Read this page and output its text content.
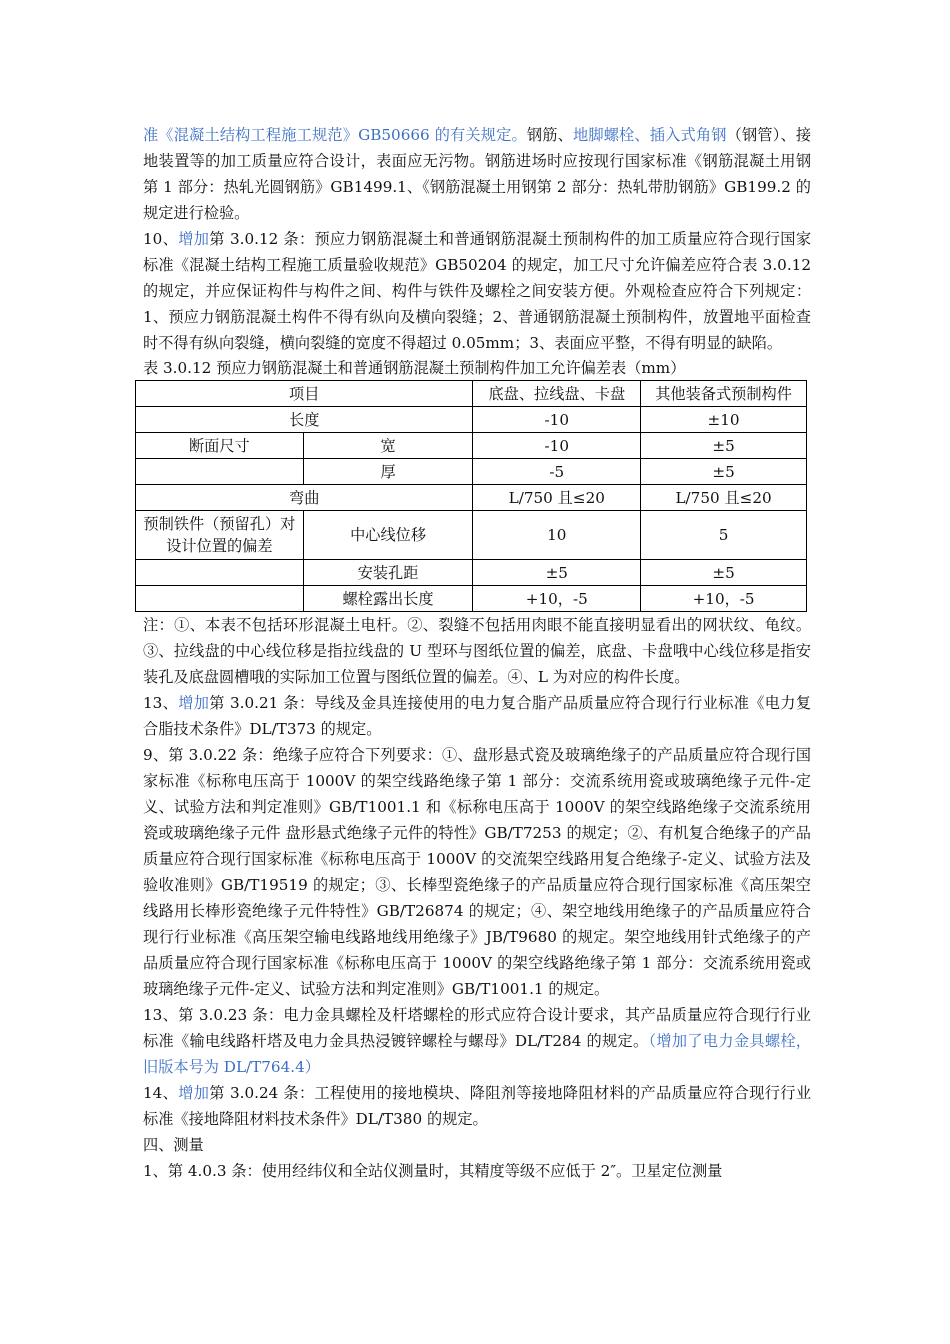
准《混凝土结构工程施工规范》GB50666 的有关规定。钢筋、地脚螺栓、插入式角钢（钢管）、接地装置等的加工质量应符合设计，表面应无污物。钢筋进场时应按现行国家标准《钢筋混凝土用钢第 1 部分：热轧光圆钢筋》GB1499.1、《钢筋混凝土用钢第 2 部分：热轧带肋钢筋》GB199.2 的规定进行检验。

10、增加第 3.0.12 条：预应力钢筋混凝土和普通钢筋混凝土预制构件的加工质量应符合现行国家标准《混凝土结构工程施工质量验收规范》GB50204 的规定，加工尺寸允许偏差应符合表 3.0.12 的规定，并应保证构件与构件之间、构件与铁件及螺栓之间安装方便。外观检查应符合下列规定：1、预应力钢筋混凝土构件不得有纵向及横向裂缝；2、普通钢筋混凝土预制构件，放置地平面检查时不得有纵向裂缝，横向裂缝的宽度不得超过 0.05mm；3、表面应平整，不得有明显的缺陷。

表 3.0.12 预应力钢筋混凝土和普通钢筋混凝土预制构件加工允许偏差表（mm）

项目		底盘、拉线盘、卡盘	其他装备式预制构件
长度		-10	±10
断面尺寸	宽	-10	±5
	厚	-5	±5
弯曲		L/750 且≤20	L/750 且≤20
预制铁件（预留孔）对设计位置的偏差	中心线位移	10	5
	安装孔距	±5	±5
	螺栓露出长度	+10，-5	+10，-5

注：①、本表不包括环形混凝土电杆。②、裂缝不包括用肉眼不能直接明显看出的网状纹、龟纹。③、拉线盘的中心线位移是指拉线盘的 U 型环与图纸位置的偏差，底盘、卡盘哦中心线位移是指安装孔及底盘圆槽哦的实际加工位置与图纸位置的偏差。④、L 为对应的构件长度。

13、增加第 3.0.21 条：导线及金具连接使用的电力复合脂产品质量应符合现行行业标准《电力复合脂技术条件》DL/T373 的规定。

9、第 3.0.22 条：绝缘子应符合下列要求：①、盘形悬式瓷及玻璃绝缘子的产品质量应符合现行国家标准《标称电压高于 1000V 的架空线路绝缘子第 1 部分：交流系统用瓷或玻璃绝缘子元件-定义、试验方法和判定准则》GB/T1001.1 和《标称电压高于 1000V 的架空线路绝缘子交流系统用瓷或玻璃绝缘子元件 盘形悬式绝缘子元件的特性》GB/T7253 的规定；②、有机复合绝缘子的产品质量应符合现行国家标准《标称电压高于 1000V 的交流架空线路用复合绝缘子-定义、试验方法及验收准则》GB/T19519 的规定；③、长棒型瓷绝缘子的产品质量应符合现行国家标准《高压架空线路用长棒形瓷绝缘子元件特性》GB/T26874 的规定；④、架空地线用绝缘子的产品质量应符合现行行业标准《高压架空输电线路地线用绝缘子》JB/T9680 的规定。架空地线用针式绝缘子的产品质量应符合现行国家标准《标称电压高于 1000V 的架空线路绝缘子第 1 部分：交流系统用瓷或玻璃绝缘子元件-定义、试验方法和判定准则》GB/T1001.1 的规定。

13、第 3.0.23 条：电力金具螺栓及杆塔螺栓的形式应符合设计要求，其产品质量应符合现行行业标准《输电线路杆塔及电力金具热浸镀锌螺栓与螺母》DL/T284 的规定。（增加了电力金具螺栓，旧版本号为 DL/T764.4）

14、增加第 3.0.24 条：工程使用的接地模块、降阻剂等接地降阻材料的产品质量应符合现行行业标准《接地降阻材料技术条件》DL/T380 的规定。

四、测量

1、第 4.0.3 条：使用经纬仪和全站仪测量时，其精度等级不应低于 2″。卫星定位测量
